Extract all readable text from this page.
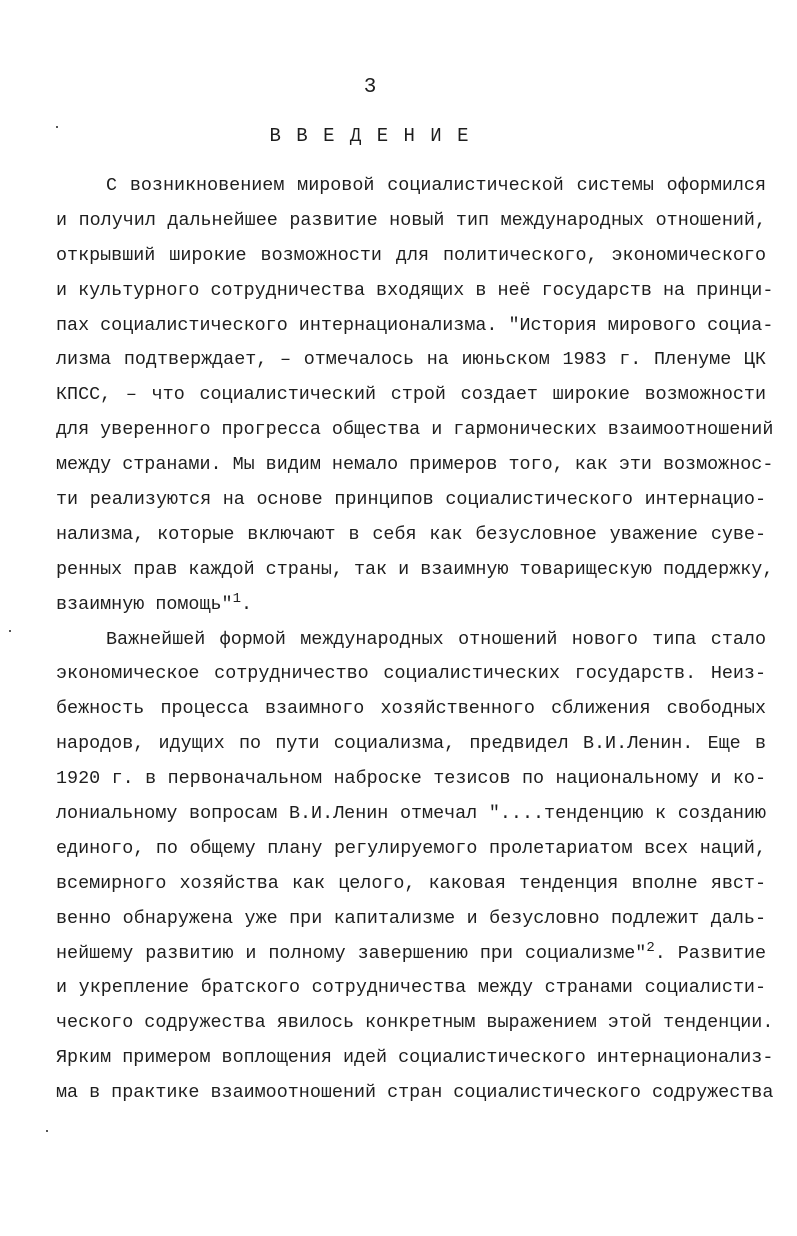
3
В В Е Д Е Н И Е
С возникновением мировой социалистической системы оформился
и получил дальнейшее развитие новый тип международных отношений,
открывший широкие возможности для политического, экономического
и культурного сотрудничества входящих в неё государств на принци-
пах социалистического интернационализма. "История мирового социа-
лизма подтверждает, – отмечалось на июньском 1983 г. Пленуме ЦК
КПСС, – что социалистический строй создает широкие возможности
для уверенного прогресса общества и гармонических взаимоотношений
между странами. Мы видим немало примеров того, как эти возможнос-
ти реализуются на основе принципов социалистического интернацио-
нализма, которые включают в себя как безусловное уважение суве-
ренных прав каждой страны, так и взаимную товарищескую поддержку,
взаимную помощь"$^1$.
Важнейшей формой международных отношений нового типа стало
экономическое сотрудничество социалистических государств. Неиз-
бежность процесса взаимного хозяйственного сближения свободных
народов, идущих по пути социализма, предвидел В.И.Ленин. Еще в
1920 г. в первоначальном наброске тезисов по национальному и ко-
лониальному вопросам В.И.Ленин отмечал "....тенденцию к созданию
единого, по общему плану регулируемого пролетариатом всех наций,
всемирного хозяйства как целого, каковая тенденция вполне явст-
венно обнаружена уже при капитализме и безусловно подлежит даль-
нейшему развитию и полному завершению при социализме"$^2$. Развитие
и укрепление братского сотрудничества между странами социалисти-
ческого содружества явилось конкретным выражением этой тенденции.
Ярким примером воплощения идей социалистического интернационализ-
ма в практике взаимоотношений стран социалистического содружества
